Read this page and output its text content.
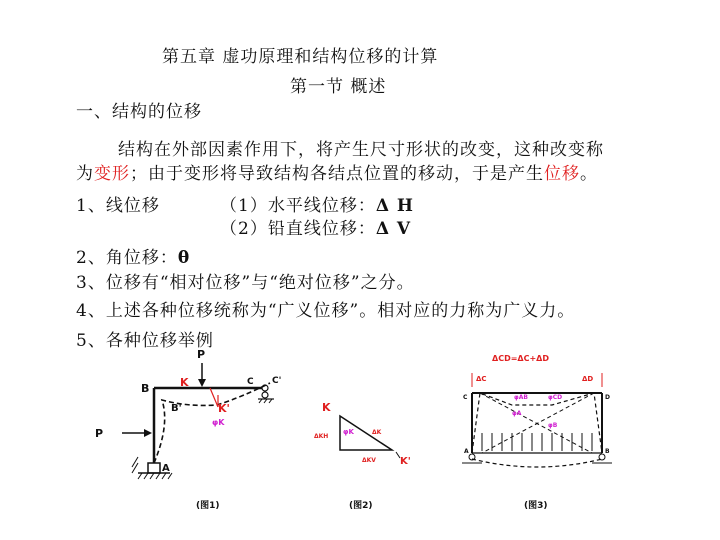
第五章 虚功原理和结构位移的计算
第一节 概述
一、结构的位移
结构在外部因素作用下，将产生尺寸形状的改变，这种改变称
为变形；由于变形将导致结构各结点位置的移动，于是产生位移。
1、线位移	（1）水平线位移：Δ H
（2）铅直线位移：Δ V
2、角位移：θ
3、位移有“相对位移”与“绝对位移”之分。
4、上述各种位移统称为“广义位移”。相对应的力称为广义力。
5、各种位移举例
P
P
B	K	C C'
B'	K'
A
φK
(图1)
K
K'
φK	ΔK
ΔKH
ΔKV
(图2)
ΔCD=ΔC+ΔD
ΔC	ΔD
C	D
A	B
φAB	φCD
φA
φB
(图3)
